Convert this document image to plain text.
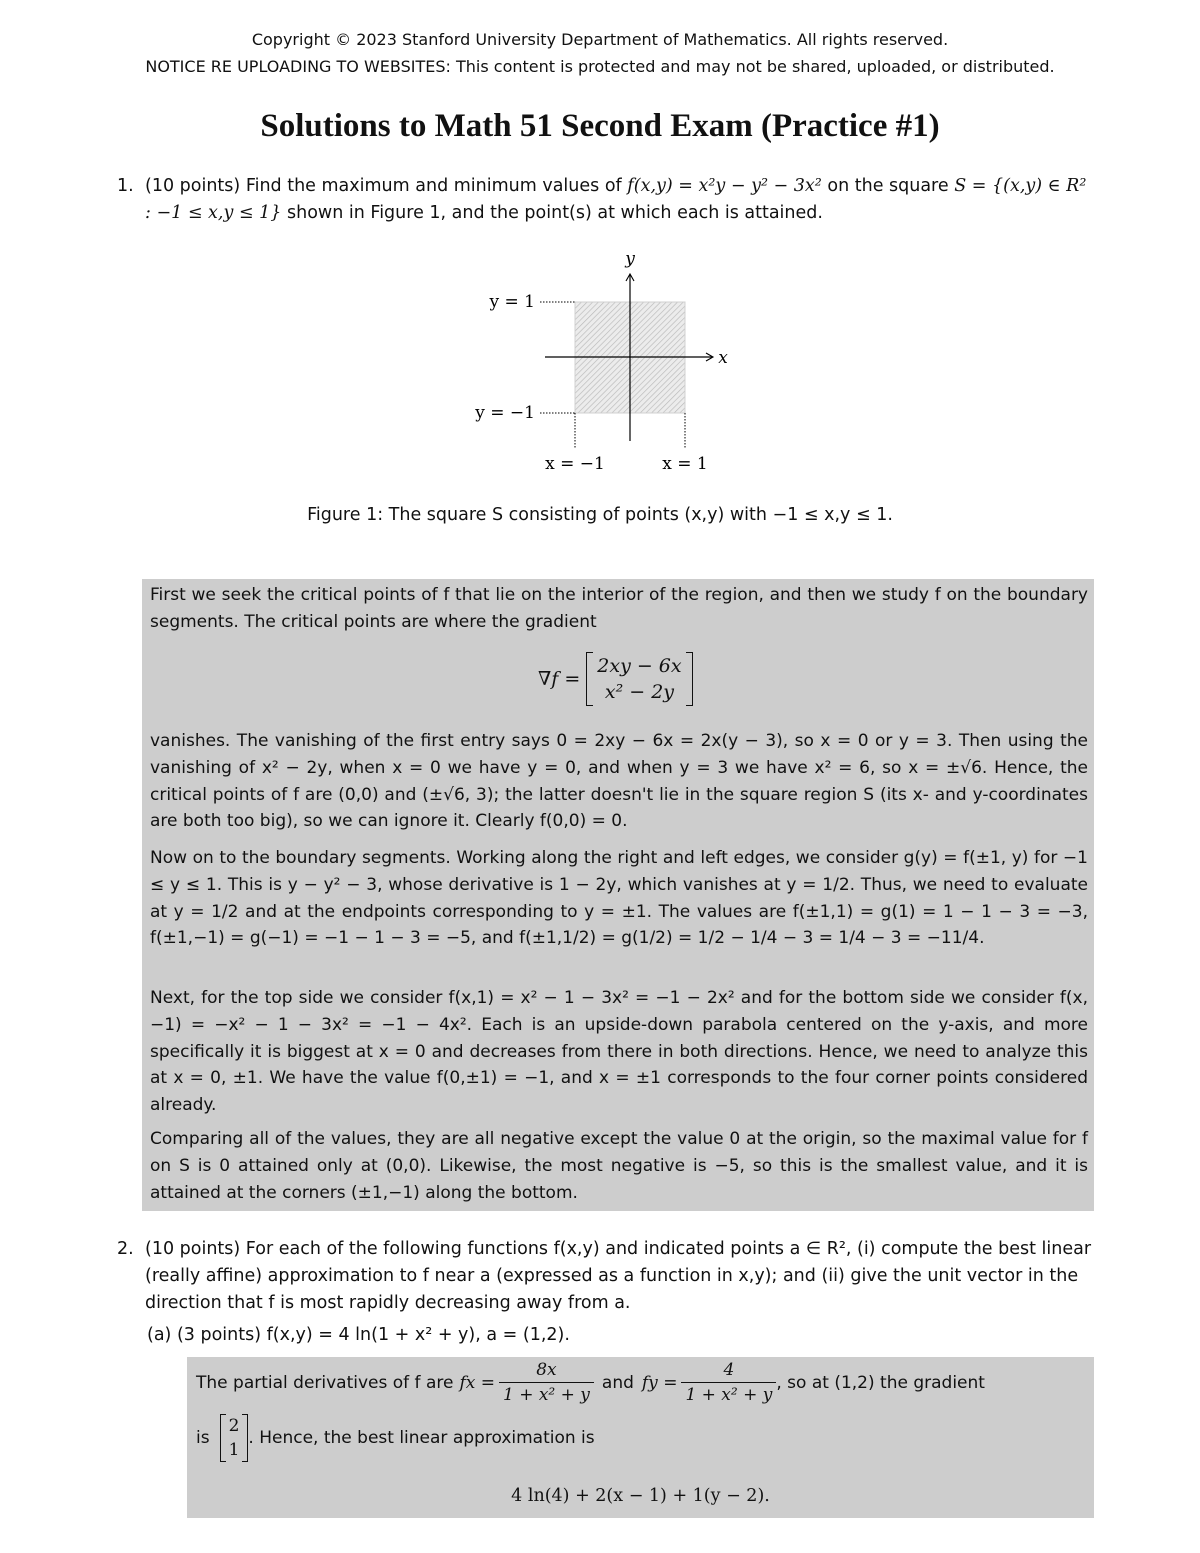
Copyright © 2023 Stanford University Department of Mathematics. All rights reserved.
NOTICE RE UPLOADING TO WEBSITES: This content is protected and may not be shared, uploaded, or distributed.
Solutions to Math 51 Second Exam (Practice #1)
1. (10 points) Find the maximum and minimum values of f(x,y) = x²y − y² − 3x² on the square S = {(x,y) ∈ R² : −1 ≤ x,y ≤ 1} shown in Figure 1, and the point(s) at which each is attained.
y
x
y = 1
y = −1
x = −1	x = 1
Figure 1: The square S consisting of points (x,y) with −1 ≤ x,y ≤ 1.
First we seek the critical points of f that lie on the interior of the region, and then we study f on the boundary segments. The critical points are where the gradient
∇f =
2xy − 6x
x² − 2y
vanishes. The vanishing of the first entry says 0 = 2xy − 6x = 2x(y − 3), so x = 0 or y = 3. Then using the vanishing of x² − 2y, when x = 0 we have y = 0, and when y = 3 we have x² = 6, so x = ±√6. Hence, the critical points of f are (0,0) and (±√6, 3); the latter doesn't lie in the square region S (its x- and y-coordinates are both too big), so we can ignore it. Clearly f(0,0) = 0.
Now on to the boundary segments. Working along the right and left edges, we consider g(y) = f(±1, y) for −1 ≤ y ≤ 1. This is y − y² − 3, whose derivative is 1 − 2y, which vanishes at y = 1/2. Thus, we need to evaluate at y = 1/2 and at the endpoints corresponding to y = ±1. The values are f(±1,1) = g(1) = 1 − 1 − 3 = −3, f(±1,−1) = g(−1) = −1 − 1 − 3 = −5, and f(±1,1/2) = g(1/2) = 1/2 − 1/4 − 3 = 1/4 − 3 = −11/4.
Next, for the top side we consider f(x,1) = x² − 1 − 3x² = −1 − 2x² and for the bottom side we consider f(x,−1) = −x² − 1 − 3x² = −1 − 4x². Each is an upside-down parabola centered on the y-axis, and more specifically it is biggest at x = 0 and decreases from there in both directions. Hence, we need to analyze this at x = 0, ±1. We have the value f(0,±1) = −1, and x = ±1 corresponds to the four corner points considered already.
Comparing all of the values, they are all negative except the value 0 at the origin, so the maximal value for f on S is 0 attained only at (0,0). Likewise, the most negative is −5, so this is the smallest value, and it is attained at the corners (±1,−1) along the bottom.
2. (10 points) For each of the following functions f(x,y) and indicated points a ∈ R², (i) compute the best linear (really affine) approximation to f near a (expressed as a function in x,y); and (ii) give the unit vector in the direction that f is most rapidly decreasing away from a.
(a) (3 points) f(x,y) = 4 ln(1 + x² + y), a = (1,2).
The partial derivatives of f are fx = $\frac{8x}{\text{1 + x² + y}}$ and fy = $\frac{4}{\text{1 + x² + y}}$ , so at (1,2) the gradient
is
2
1
. Hence, the best linear approximation is
4 ln(4) + 2(x − 1) + 1(y − 2).
